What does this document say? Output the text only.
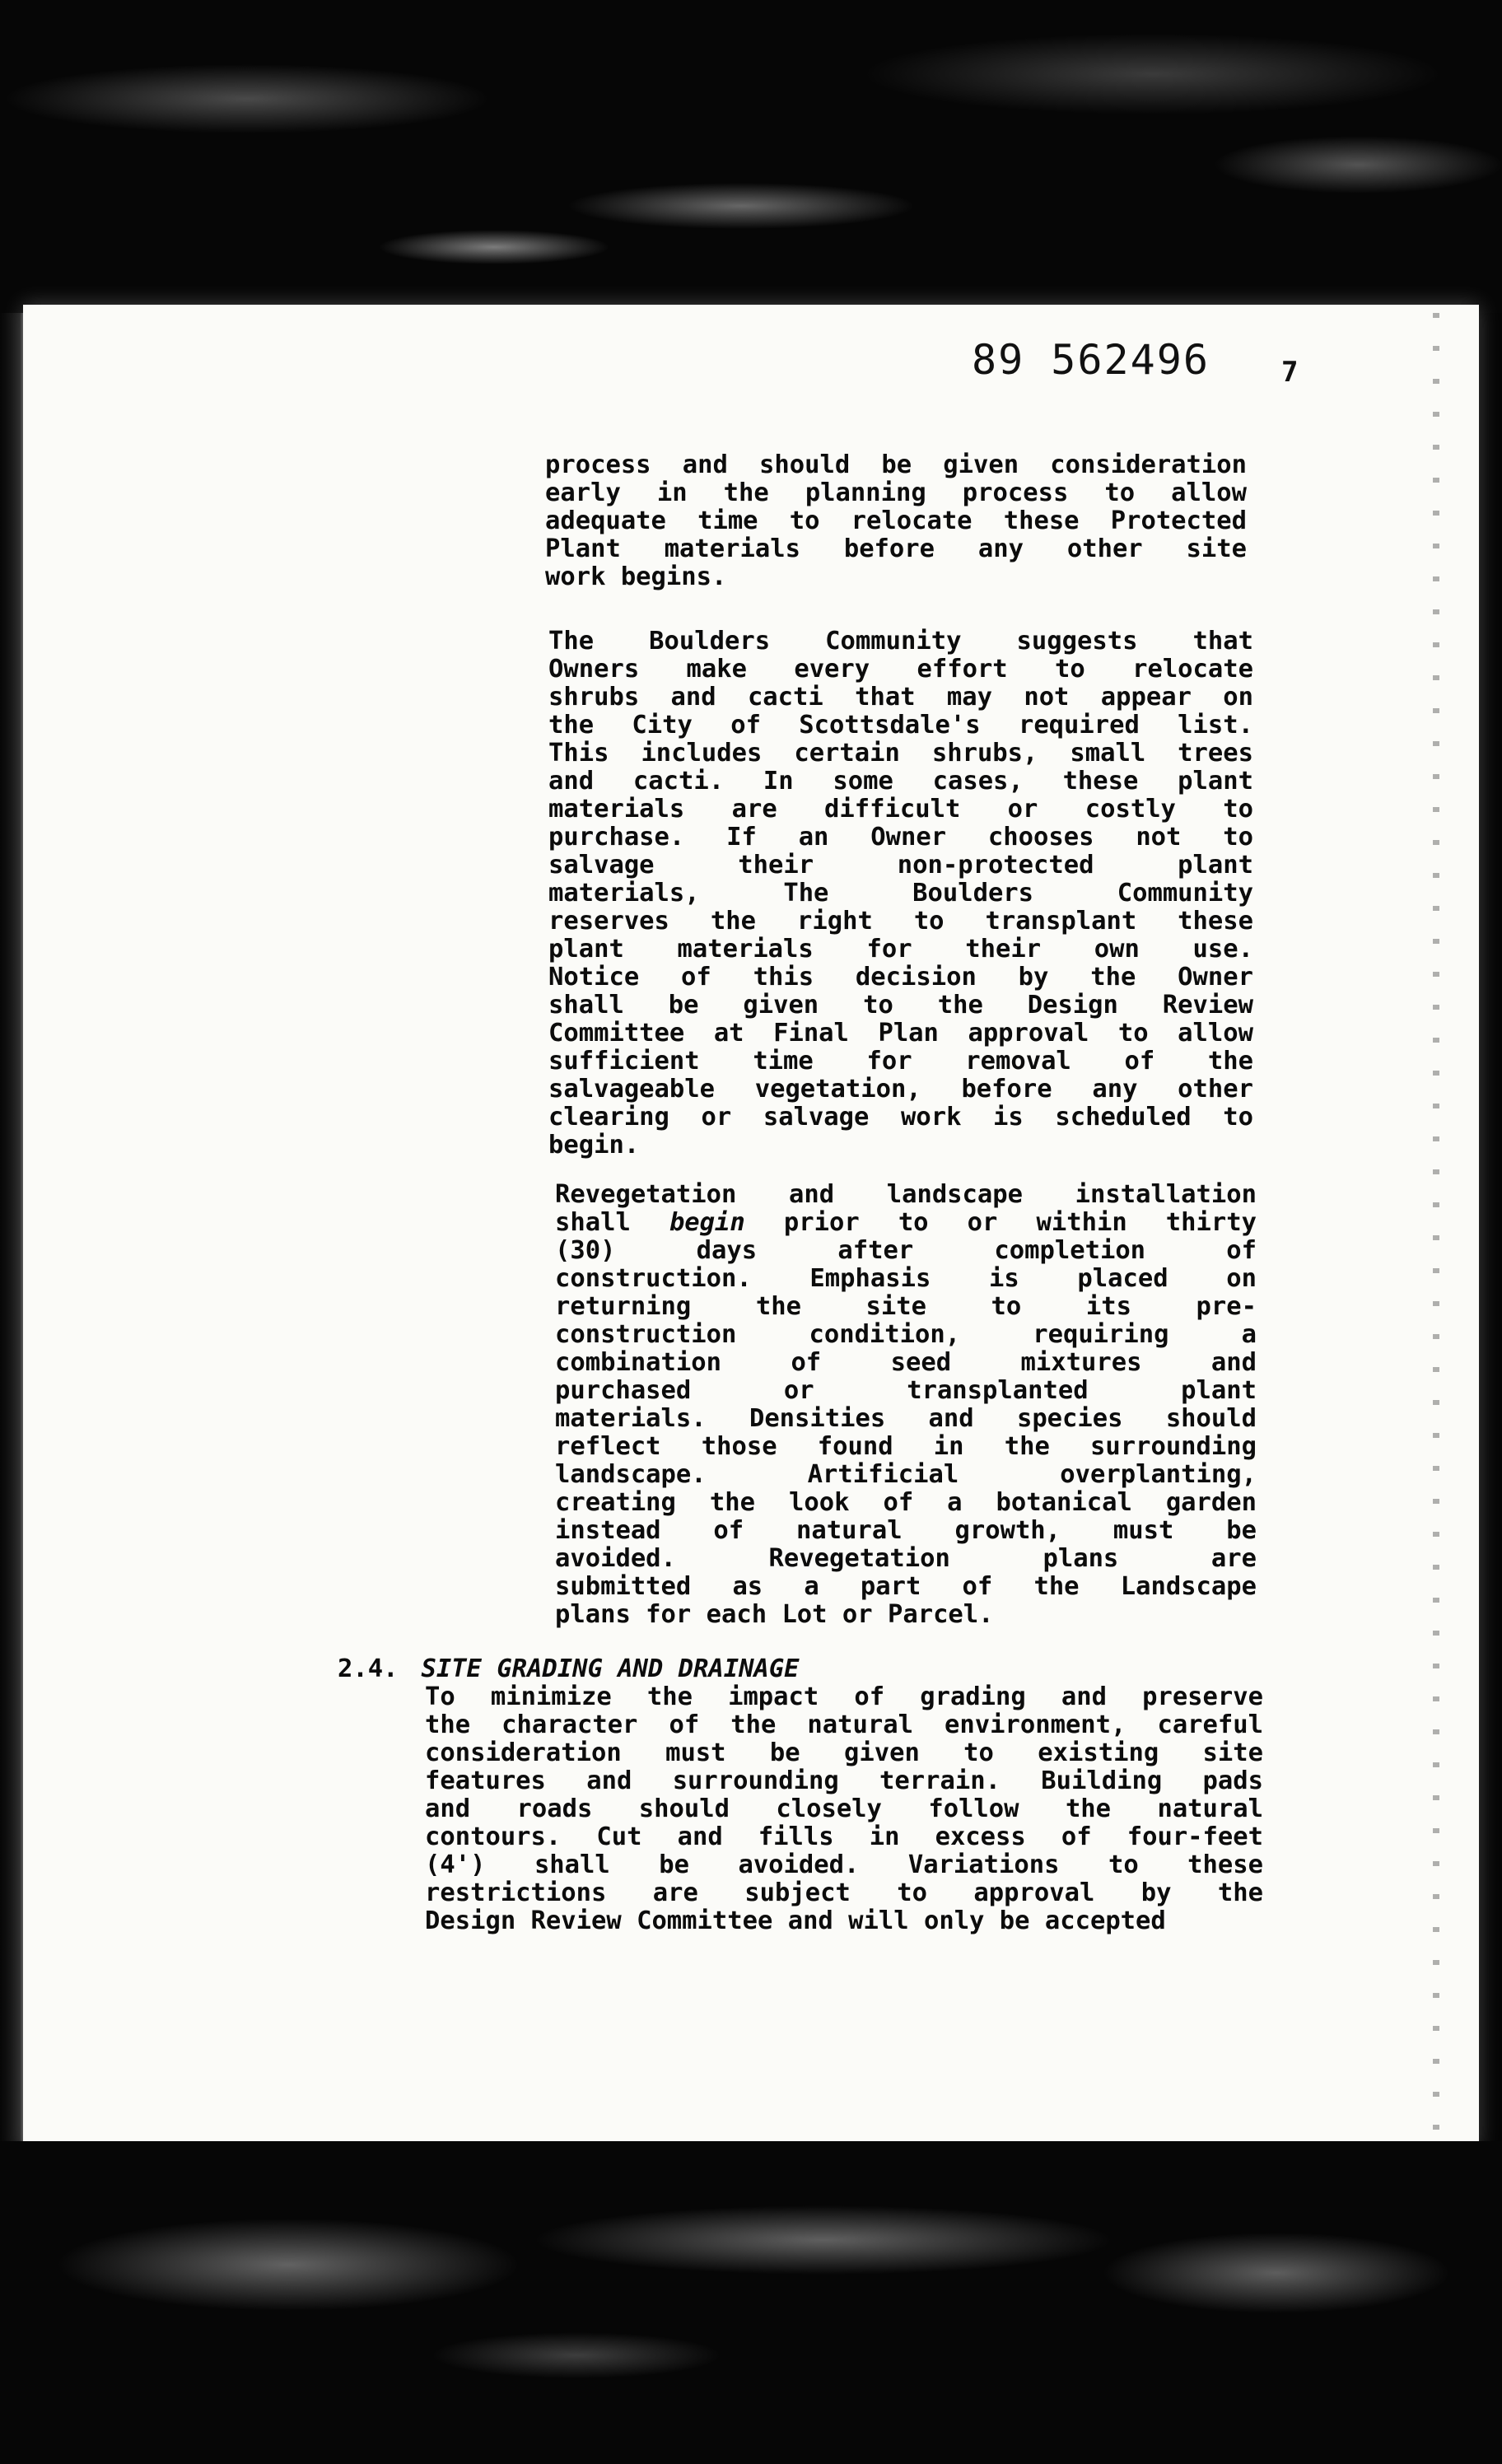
89 562496	7
process and should be given consideration
early in the planning process to allow
adequate time to relocate these Protected
Plant materials before any other site
work begins.
The Boulders Community suggests that
Owners make every effort to relocate
shrubs and cacti that may not appear on
the City of Scottsdale's required list.
This includes certain shrubs, small trees
and cacti. In some cases, these plant
materials are difficult or costly to
purchase. If an Owner chooses not to
salvage their non-protected plant
materials, The Boulders Community
reserves the right to transplant these
plant materials for their own use.
Notice of this decision by the Owner
shall be given to the Design Review
Committee at Final Plan approval to allow
sufficient time for removal of the
salvageable vegetation, before any other
clearing or salvage work is scheduled to
begin.
Revegetation and landscape installation
shall begin prior to or within thirty
(30) days after completion of
construction. Emphasis is placed on
returning the site to its pre-
construction condition, requiring a
combination of seed mixtures and
purchased or transplanted plant
materials. Densities and species should
reflect those found in the surrounding
landscape. Artificial overplanting,
creating the look of a botanical garden
instead of natural growth, must be
avoided. Revegetation plans are
submitted as a part of the Landscape
plans for each Lot or Parcel.
2.4. SITE GRADING AND DRAINAGE
To minimize the impact of grading and preserve
the character of the natural environment, careful
consideration must be given to existing site
features and surrounding terrain. Building pads
and roads should closely follow the natural
contours. Cut and fills in excess of four-feet
(4') shall be avoided. Variations to these
restrictions are subject to approval by the
Design Review Committee and will only be accepted
